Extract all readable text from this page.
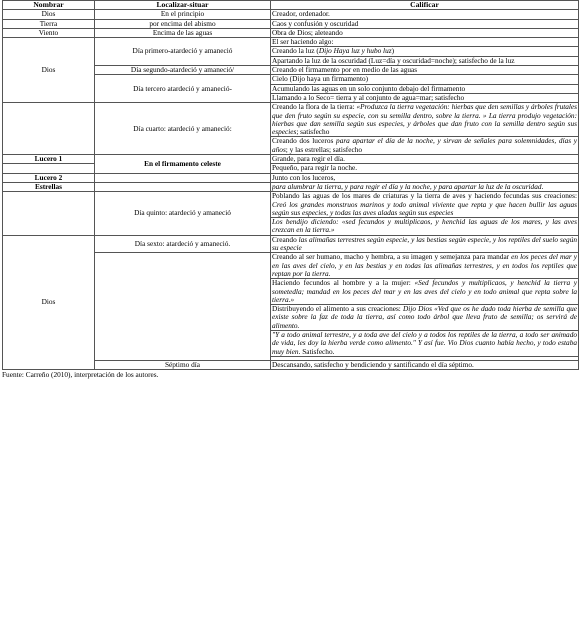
Nombrar	Localizar-situar	Calificar
Dios	En el principio	Creador, ordenador.
Tierra	por encima del abismo	Caos y confusión y oscuridad
Viento	Encima de las aguas	Obra de Dios; aleteando
Dios	Día primero-atardeció y amaneció	El ser haciendo algo:
		Creando la luz (Dijo Haya luz y hubo luz)
		Apartando la luz de la oscuridad (Luz=día y oscuridad=noche); satisfecho de la luz
	Día segundo-atardeció y amaneció/	Creando el firmamento por en medio de las aguas
	Día tercero atardeció y amaneció-	Cielo (Dijo haya un firmamento)
		Acumulando las aguas en un solo conjunto debajo del firmamento
		Llamando a lo Seco= tierra y al conjunto de agua=mar; satisfecho
	Día cuarto: atardeció y amaneció:	Creando la flora de la tierra: «Produzca la tierra vegetación: hierbas que den semillas y árboles frutales que den fruto según su especie, con su semilla dentro, sobre la tierra. » La tierra produjo vegetación: hierbas que dan semilla según sus especies, y árboles que dan fruto con la semilla dentro según sus especies; satisfecho
		Creando dos luceros para apartar el día de la noche, y sirvan de señales para solemnidades, días y años; y las estrellas; satisfecho
Lucero 1	En el firmamento celeste	Grande, para regir el día.
		Pequeño, para regir la noche.
Lucero 2		Junto con los luceros,
Estrellas		para alumbrar la tierra, y para regir el día y la noche, y para apartar la luz de la oscuridad.
	Día quinto: atardeció y amaneció	Poblando las aguas de los mares de criaturas y la tierra de aves y haciendo fecundas sus creaciones: Creó los grandes monstruos marinos y todo animal viviente que repta y que hacen bullir las aguas según sus especies, y todas las aves aladas según sus especies
		Los bendijo diciendo: «sed fecundos y multiplicaos, y henchid las aguas de los mares, y las aves crezcan en la tierra.»
Dios	Día sexto: atardeció y amaneció.	Creando las alimañas terrestres según especie, y las bestias según especie, y los reptiles del suelo según su especie
		Creando al ser humano, macho y hembra, a su imagen y semejanza para mandar en los peces del mar y en las aves del cielo, y en las bestias y en todas las alimañas terrestres, y en todos los reptiles que reptan por la tierra.
		Haciendo fecundos al hombre y a la mujer: «Sed fecundos y multiplicaos, y henchid la tierra y sometedla; mandad en los peces del mar y en las aves del cielo y en todo animal que repta sobre la tierra.»
		Distribuyendo el alimento a sus creaciones: Dijo Dios «Ved que os he dado toda hierba de semilla que existe sobre la faz de toda la tierra, así como todo árbol que lleva fruto de semilla; os servirá de alimento.
		"Y a todo animal terrestre, y a toda ave del cielo y a todos los reptiles de la tierra, a todo ser animado de vida, les doy la hierba verde como alimento." Y así fue. Vio Dios cuanto había hecho, y todo estaba muy bien. Satisfecho.

	Séptimo día	Descansando, satisfecho y bendiciendo y santificando el día séptimo.
Fuente: Carreño (2010), interpretación de los autores.
